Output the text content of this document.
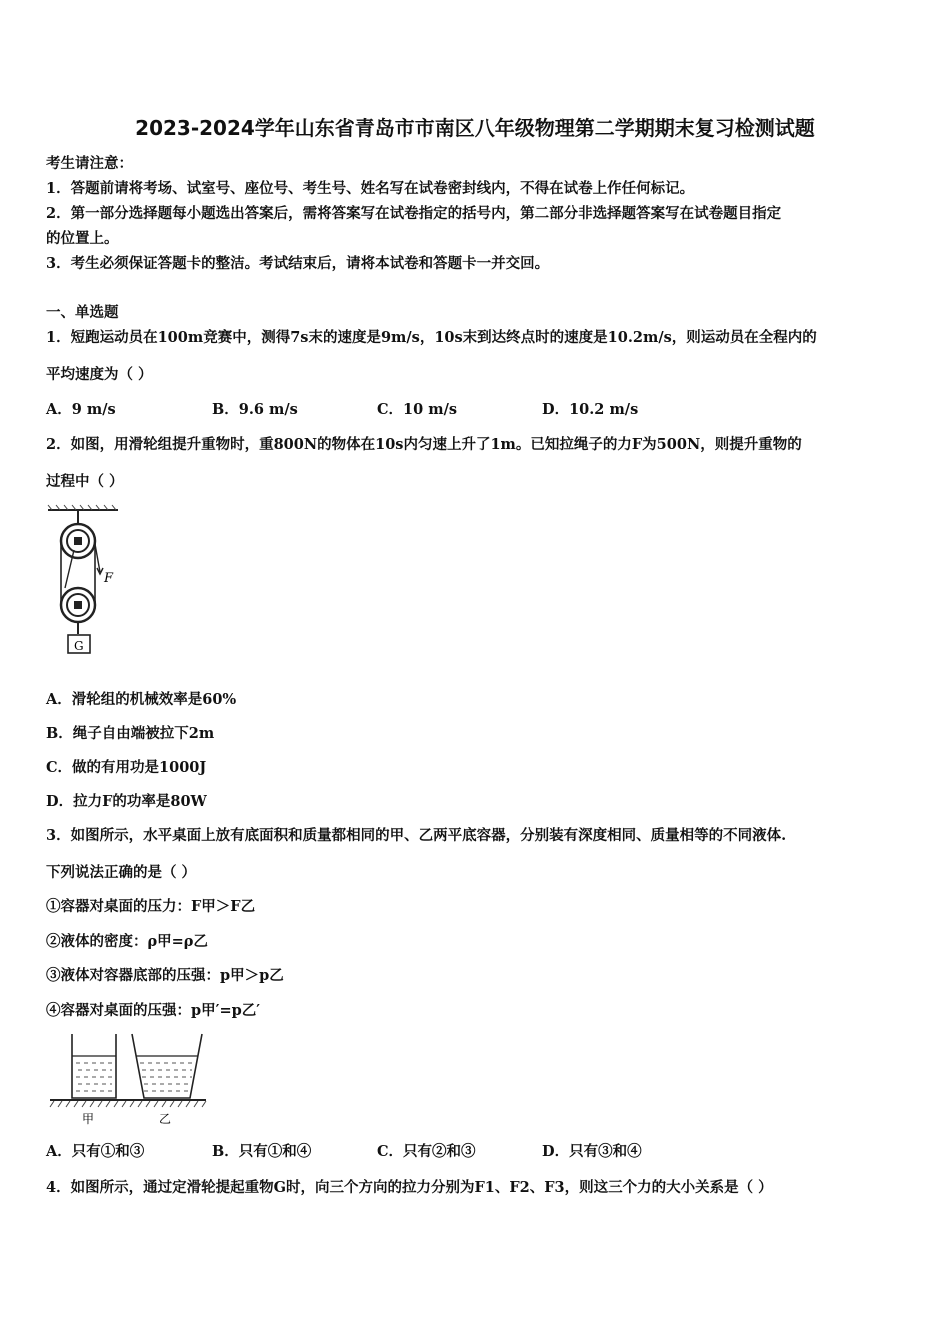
2023-2024学年山东省青岛市市南区八年级物理第二学期期末复习检测试题
考生请注意：
1．答题前请将考场、试室号、座位号、考生号、姓名写在试卷密封线内，不得在试卷上作任何标记。
2．第一部分选择题每小题选出答案后，需将答案写在试卷指定的括号内，第二部分非选择题答案写在试卷题目指定
的位置上。
3．考生必须保证答题卡的整洁。考试结束后，请将本试卷和答题卡一并交回。
一、单选题
1．短跑运动员在100m竞赛中，测得7s末的速度是9m/s，10s末到达终点时的速度是10.2m/s，则运动员在全程内的
平均速度为（ ）
A．9 m/s	B．9.6 m/s	C．10 m/s	D．10.2 m/s
2．如图，用滑轮组提升重物时，重800N的物体在10s内匀速上升了1m。已知拉绳子的力F为500N，则提升重物的
过程中（ ）
F
G
A．滑轮组的机械效率是60%
B．绳子自由端被拉下2m
C．做的有用功是1000J
D．拉力F的功率是80W
3．如图所示，水平桌面上放有底面积和质量都相同的甲、乙两平底容器，分别装有深度相同、质量相等的不同液体.
下列说法正确的是（ ）
①容器对桌面的压力：F甲＞F乙
②液体的密度：ρ甲=ρ乙
③液体对容器底部的压强：p甲＞p乙
④容器对桌面的压强：p甲′=p乙′
甲	乙
A．只有①和③	B．只有①和④	C．只有②和③	D．只有③和④
4．如图所示，通过定滑轮提起重物G时，向三个方向的拉力分别为F1、F2、F3，则这三个力的大小关系是（ ）
